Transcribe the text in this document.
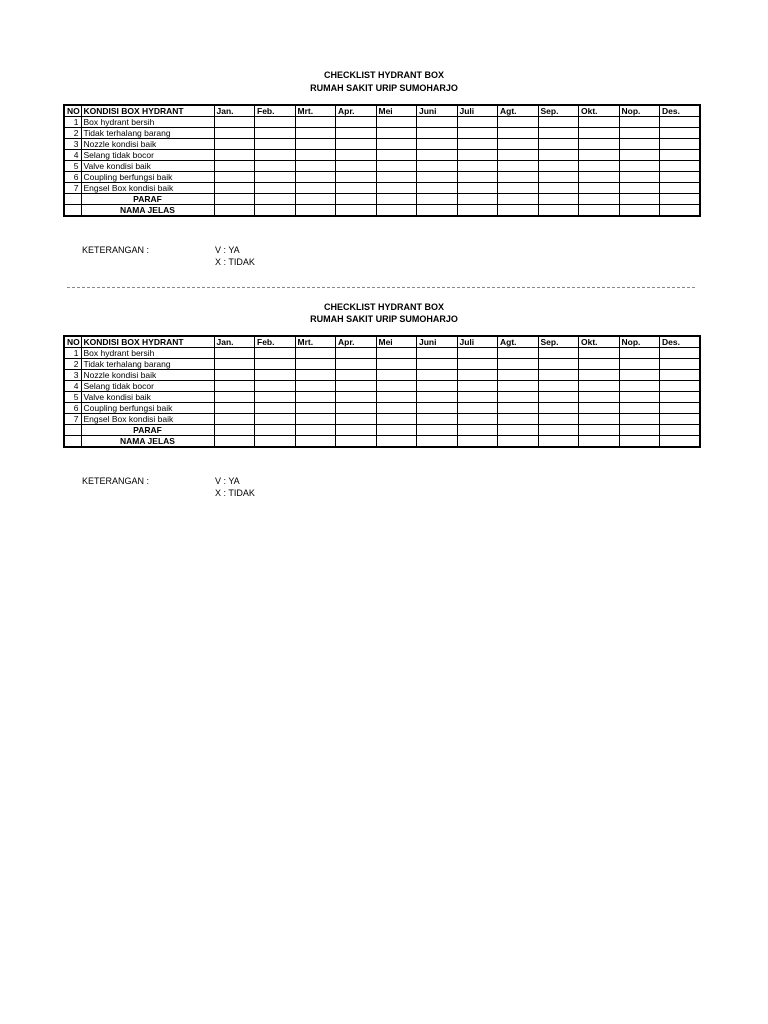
CHECKLIST HYDRANT BOX
RUMAH SAKIT URIP SUMOHARJO
NO	KONDISI BOX HYDRANT	Jan.	Feb.	Mrt.	Apr.	Mei	Juni	Juli	Agt.	Sep.	Okt.	Nop.	Des.
1	Box hydrant bersih												
2	Tidak terhalang barang												
3	Nozzle kondisi baik												
4	Selang tidak bocor												
5	Valve kondisi baik												
6	Coupling berfungsi baik												
7	Engsel Box kondisi baik												
	PARAF												
	NAMA JELAS												
KETERANGAN :	V : YA
X : TIDAK
CHECKLIST HYDRANT BOX
RUMAH SAKIT URIP SUMOHARJO
NO	KONDISI BOX HYDRANT	Jan.	Feb.	Mrt.	Apr.	Mei	Juni	Juli	Agt.	Sep.	Okt.	Nop.	Des.
1	Box hydrant bersih												
2	Tidak terhalang barang												
3	Nozzle kondisi baik												
4	Selang tidak bocor												
5	Valve kondisi baik												
6	Coupling berfungsi baik												
7	Engsel Box kondisi baik												
	PARAF												
	NAMA JELAS												
KETERANGAN :	V : YA
X : TIDAK
